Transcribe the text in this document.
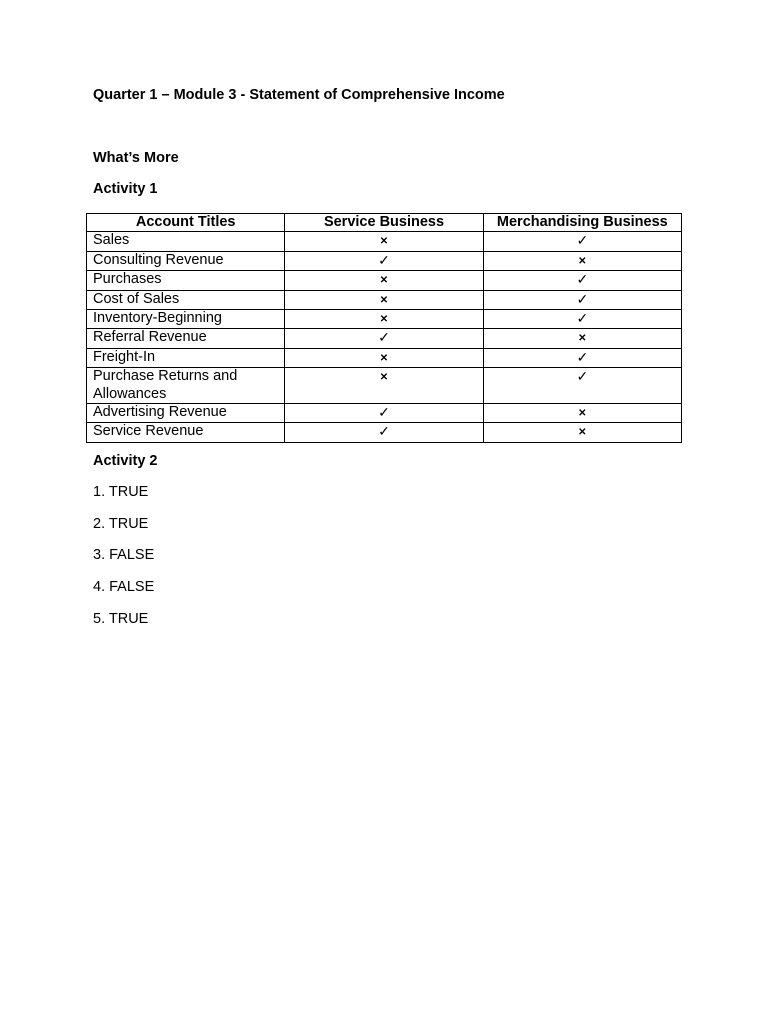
Quarter 1 – Module 3 - Statement of Comprehensive Income
What’s More
Activity 1
Account Titles	Service Business	Merchandising Business
Sales	✕	✓
Consulting Revenue	✓	✕
Purchases	✕	✓
Cost of Sales	✕	✓
Inventory-Beginning	✕	✓
Referral Revenue	✓	✕
Freight-In	✕	✓
Purchase Returns and Allowances	✕	✓
Advertising Revenue	✓	✕
Service Revenue	✓	✕
Activity 2
1. TRUE
2. TRUE
3. FALSE
4. FALSE
5. TRUE
